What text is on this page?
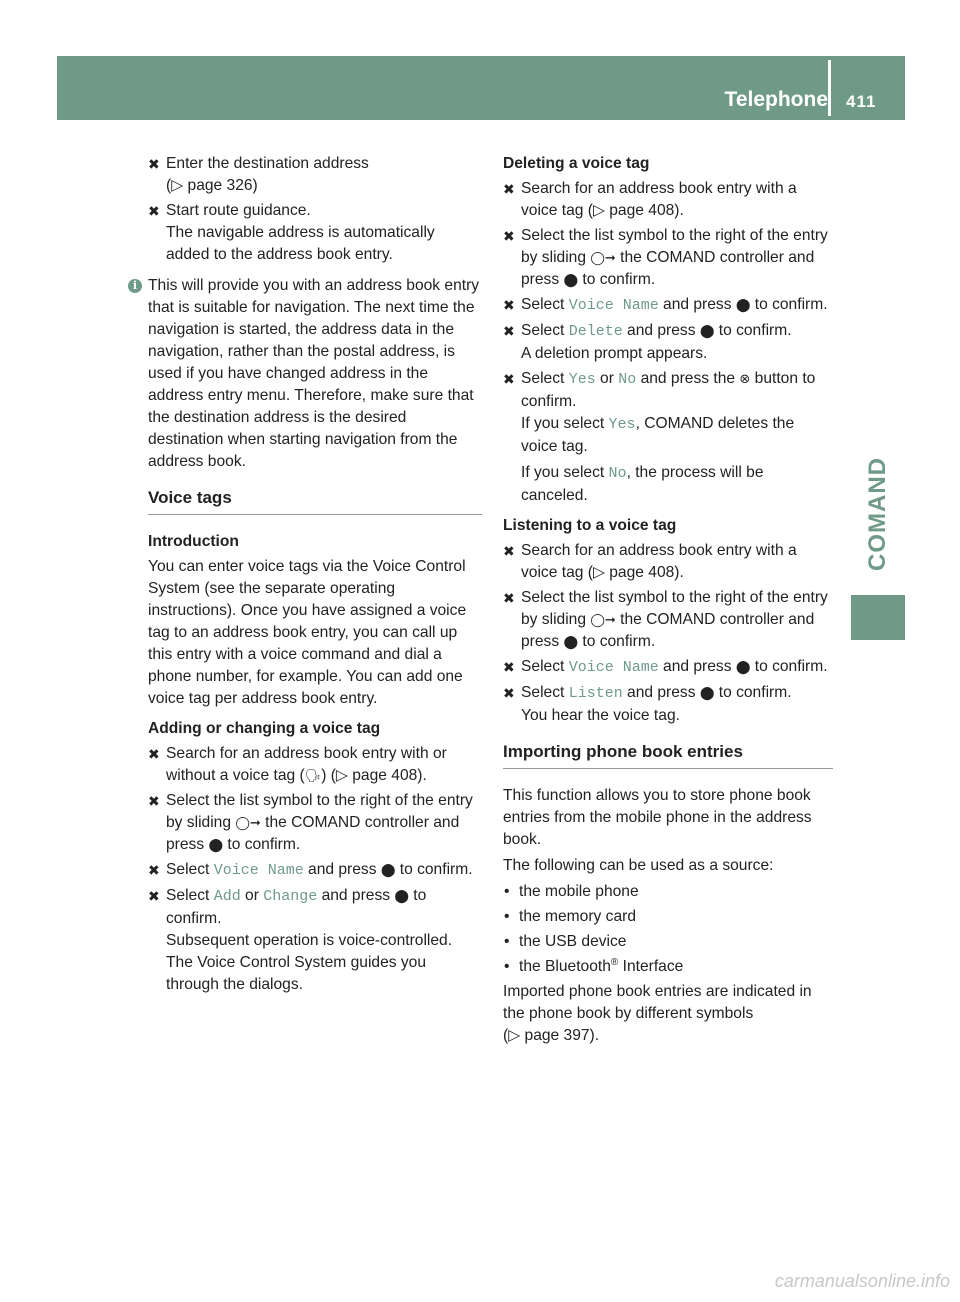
Telephone 411
COMAND
✖ Enter the destination address
(▷ page 326)
✖ Start route guidance.
The navigable address is automatically added to the address book entry.
i This will provide you with an address book entry that is suitable for navigation. The next time the navigation is started, the address data in the navigation, rather than the postal address, is used if you have changed address in the address entry menu. Therefore, make sure that the destination address is the desired destination when starting navigation from the address book.
Voice tags
Introduction

You can enter voice tags via the Voice Control System (see the separate operating instructions). Once you have assigned a voice tag to an address book entry, you can call up this entry with a voice command and dial a phone number, for example. You can add one voice tag per address book entry.

Adding or changing a voice tag
✖ Search for an address book entry with or without a voice tag (🗣) (▷ page 408).
✖ Select the list symbol to the right of the entry by sliding ◯➞ the COMAND controller and press ⬤ to confirm.
✖ Select Voice Name and press ⬤ to confirm.
✖ Select Add or Change and press ⬤ to confirm.
Subsequent operation is voice-controlled. The Voice Control System guides you through the dialogs.
Deleting a voice tag
✖ Search for an address book entry with a voice tag (▷ page 408).
✖ Select the list symbol to the right of the entry by sliding ◯➞ the COMAND controller and press ⬤ to confirm.
✖ Select Voice Name and press ⬤ to confirm.
✖ Select Delete and press ⬤ to confirm.
A deletion prompt appears.
✖ Select Yes or No and press the ⊗ button to confirm.
If you select Yes, COMAND deletes the voice tag.
If you select No, the process will be canceled.
Listening to a voice tag
✖ Search for an address book entry with a voice tag (▷ page 408).
✖ Select the list symbol to the right of the entry by sliding ◯➞ the COMAND controller and press ⬤ to confirm.
✖ Select Voice Name and press ⬤ to confirm.
✖ Select Listen and press ⬤ to confirm.
You hear the voice tag.
Importing phone book entries

This function allows you to store phone book entries from the mobile phone in the address book.

The following can be used as a source:

• the mobile phone
• the memory card
• the USB device
• the Bluetooth® Interface

Imported phone book entries are indicated in the phone book by different symbols
(▷ page 397).

carmanualsonline.info
